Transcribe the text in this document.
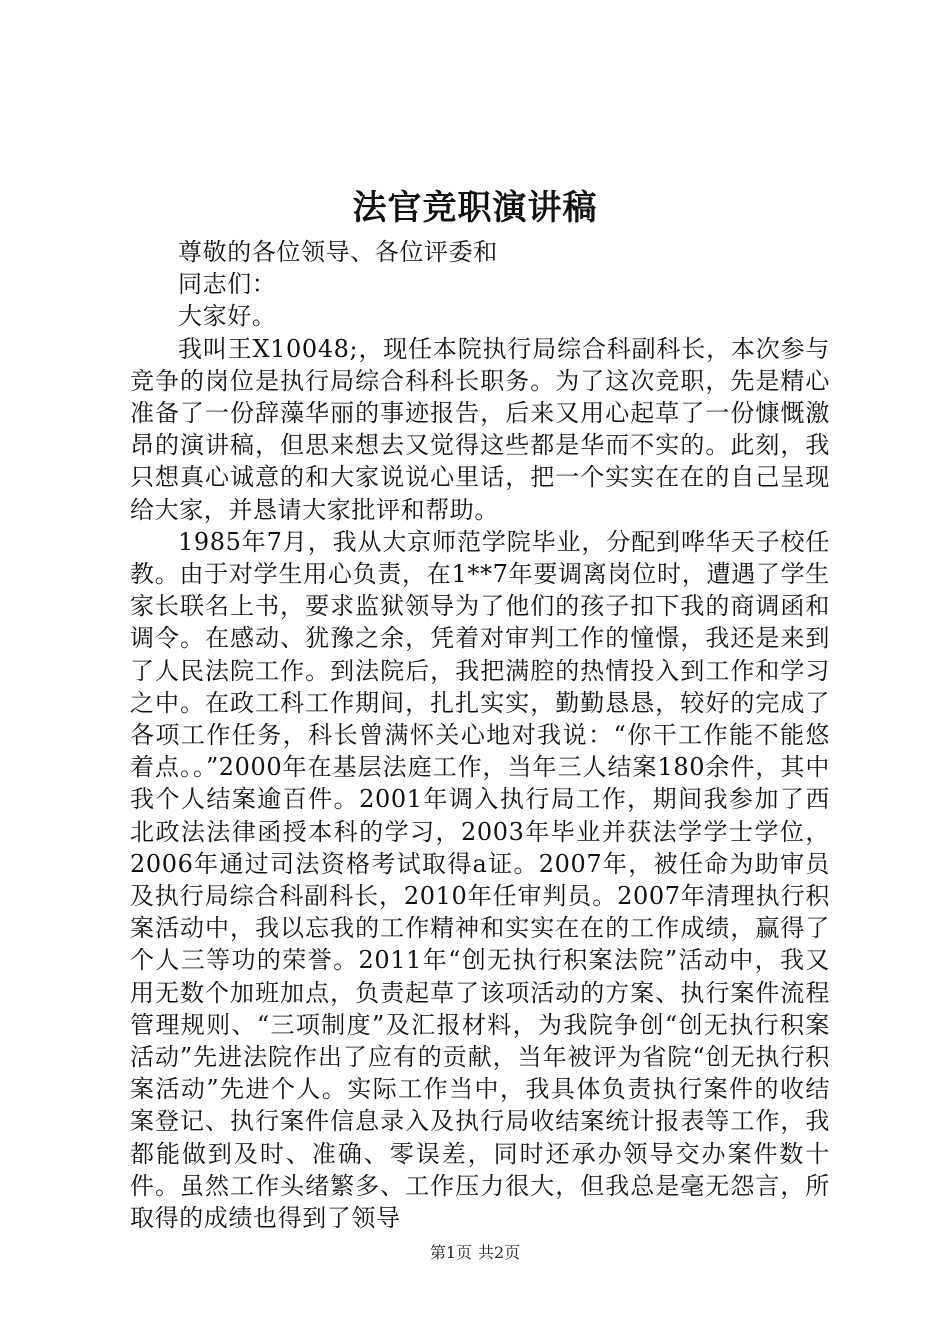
法官竞职演讲稿

尊敬的各位领导、各位评委和

同志们：

大家好。

我叫王X10048;，现任本院执行局综合科副科长，本次参与竞争的岗位是执行局综合科科长职务。为了这次竞职，先是精心准备了一份辞藻华丽的事迹报告，后来又用心起草了一份慷慨激昂的演讲稿，但思来想去又觉得这些都是华而不实的。此刻，我只想真心诚意的和大家说说心里话，把一个实实在在的自己呈现给大家，并恳请大家批评和帮助。

1985年7月，我从大京师范学院毕业，分配到哗华天子校任教。由于对学生用心负责，在1**7年要调离岗位时，遭遇了学生家长联名上书，要求监狱领导为了他们的孩子扣下我的商调函和调令。在感动、犹豫之余，凭着对审判工作的憧憬，我还是来到了人民法院工作。到法院后，我把满腔的热情投入到工作和学习之中。在政工科工作期间，扎扎实实，勤勤恳恳，较好的完成了各项工作任务，科长曾满怀关心地对我说：“你干工作能不能悠着点。。”2000年在基层法庭工作，当年三人结案180余件，其中我个人结案逾百件。2001年调入执行局工作，期间我参加了西北政法法律函授本科的学习，2003年毕业并获法学学士学位，2006年通过司法资格考试取得a证。2007年，被任命为助审员及执行局综合科副科长，2010年任审判员。2007年清理执行积案活动中，我以忘我的工作精神和实实在在的工作成绩，赢得了个人三等功的荣誉。2011年“创无执行积案法院”活动中，我又用无数个加班加点，负责起草了该项活动的方案、执行案件流程管理规则、“三项制度”及汇报材料，为我院争创“创无执行积案活动”先进法院作出了应有的贡献，当年被评为省院“创无执行积案活动”先进个人。实际工作当中，我具体负责执行案件的收结案登记、执行案件信息录入及执行局收结案统计报表等工作，我都能做到及时、准确、零误差，同时还承办领导交办案件数十件。虽然工作头绪繁多、工作压力很大，但我总是毫无怨言，所取得的成绩也得到了领导

第1页 共2页
